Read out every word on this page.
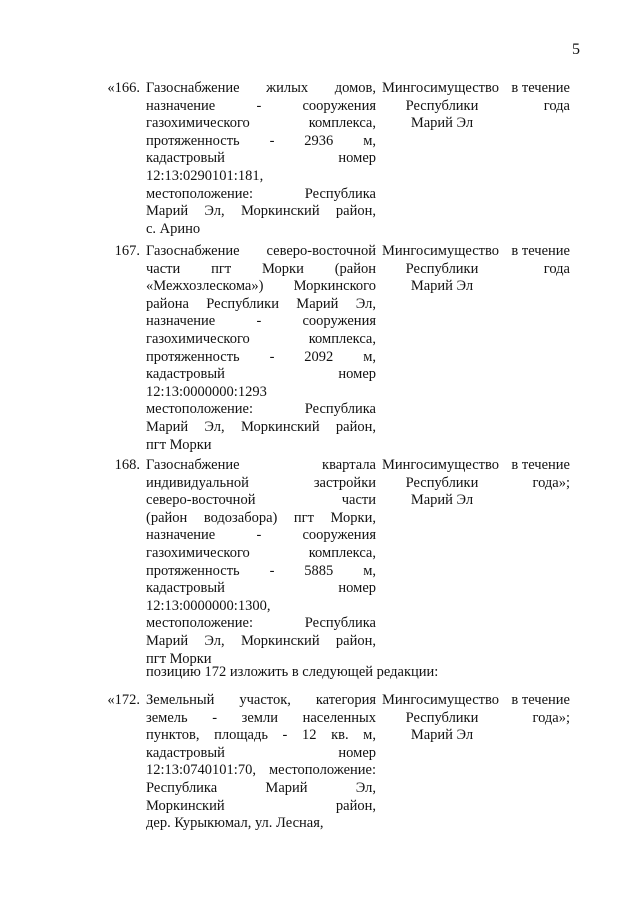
5
«166. Газоснабжение жилых домов,
назначение - сооружения
газохимического комплекса,
протяженность - 2936 м,
кадастровый номер
12:13:0290101:181,
местоположение: Республика
Марий Эл, Моркинский район,
с. Арино
Мингосимущество
Республики
Марий Эл
в течение
года
167. Газоснабжение северо-восточной
части пгт Морки (район
«Межхозлескома») Моркинского
района Республики Марий Эл,
назначение - сооружения
газохимического комплекса,
протяженность - 2092 м,
кадастровый номер
12:13:0000000:1293
местоположение: Республика
Марий Эл, Моркинский район,
пгт Морки
Мингосимущество
Республики
Марий Эл
в течение
года
168. Газоснабжение квартала
индивидуальной застройки
северо-восточной части
(район водозабора) пгт Морки,
назначение - сооружения
газохимического комплекса,
протяженность - 5885 м,
кадастровый номер
12:13:0000000:1300,
местоположение: Республика
Марий Эл, Моркинский район,
пгт Морки
Мингосимущество
Республики
Марий Эл
в течение
года»;
«172. Земельный участок, категория
земель - земли населенных
пунктов, площадь - 12 кв. м,
кадастровый номер
12:13:0740101:70, местоположение:
Республика Марий Эл,
Моркинский район,
дер. Курыкюмал, ул. Лесная,
Мингосимущество
Республики
Марий Эл
в течение
года»;
позицию 172 изложить в следующей редакции:
